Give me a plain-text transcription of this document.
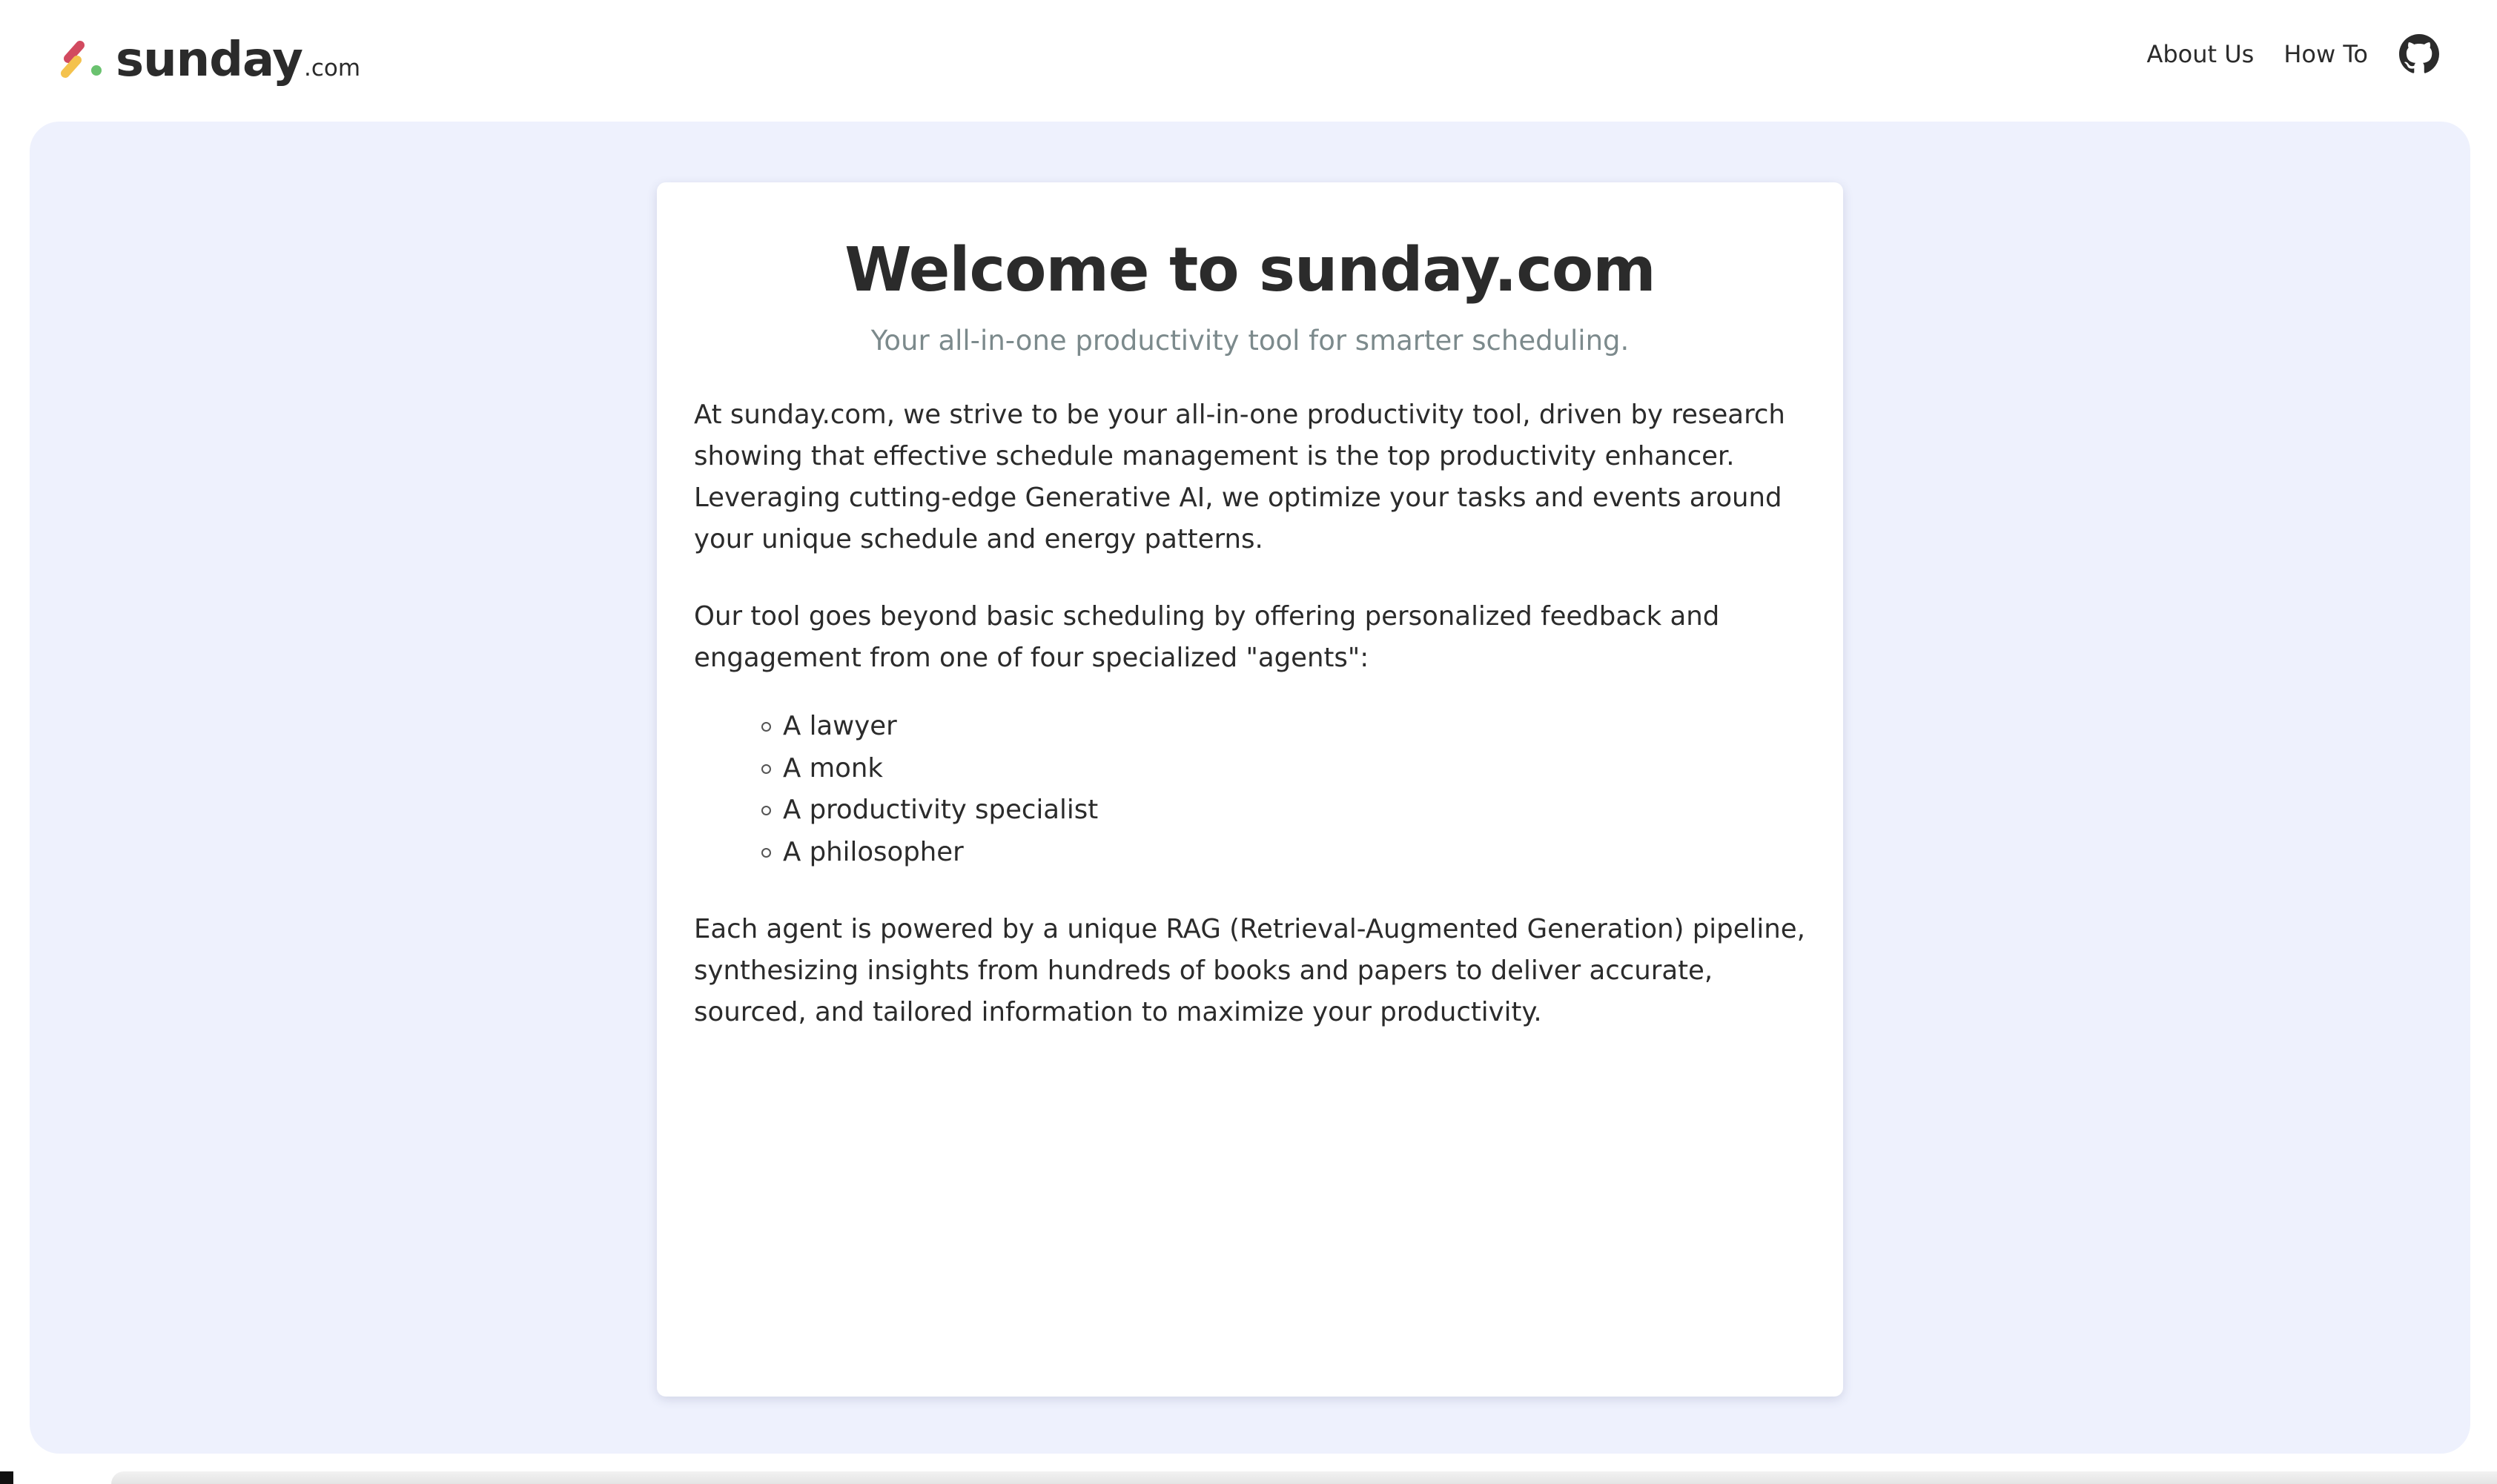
sunday .com	About Us How To
Welcome to sunday.com

Your all-in-one productivity tool for smarter scheduling.

At sunday.com, we strive to be your all-in-one productivity tool, driven by research showing that effective schedule management is the top productivity enhancer. Leveraging cutting-edge Generative AI, we optimize your tasks and events around your unique schedule and energy patterns.

Our tool goes beyond basic scheduling by offering personalized feedback and engagement from one of four specialized "agents":

A lawyer
A monk
A productivity specialist
A philosopher

Each agent is powered by a unique RAG (Retrieval-Augmented Generation) pipeline, synthesizing insights from hundreds of books and papers to deliver accurate, sourced, and tailored information to maximize your productivity.
